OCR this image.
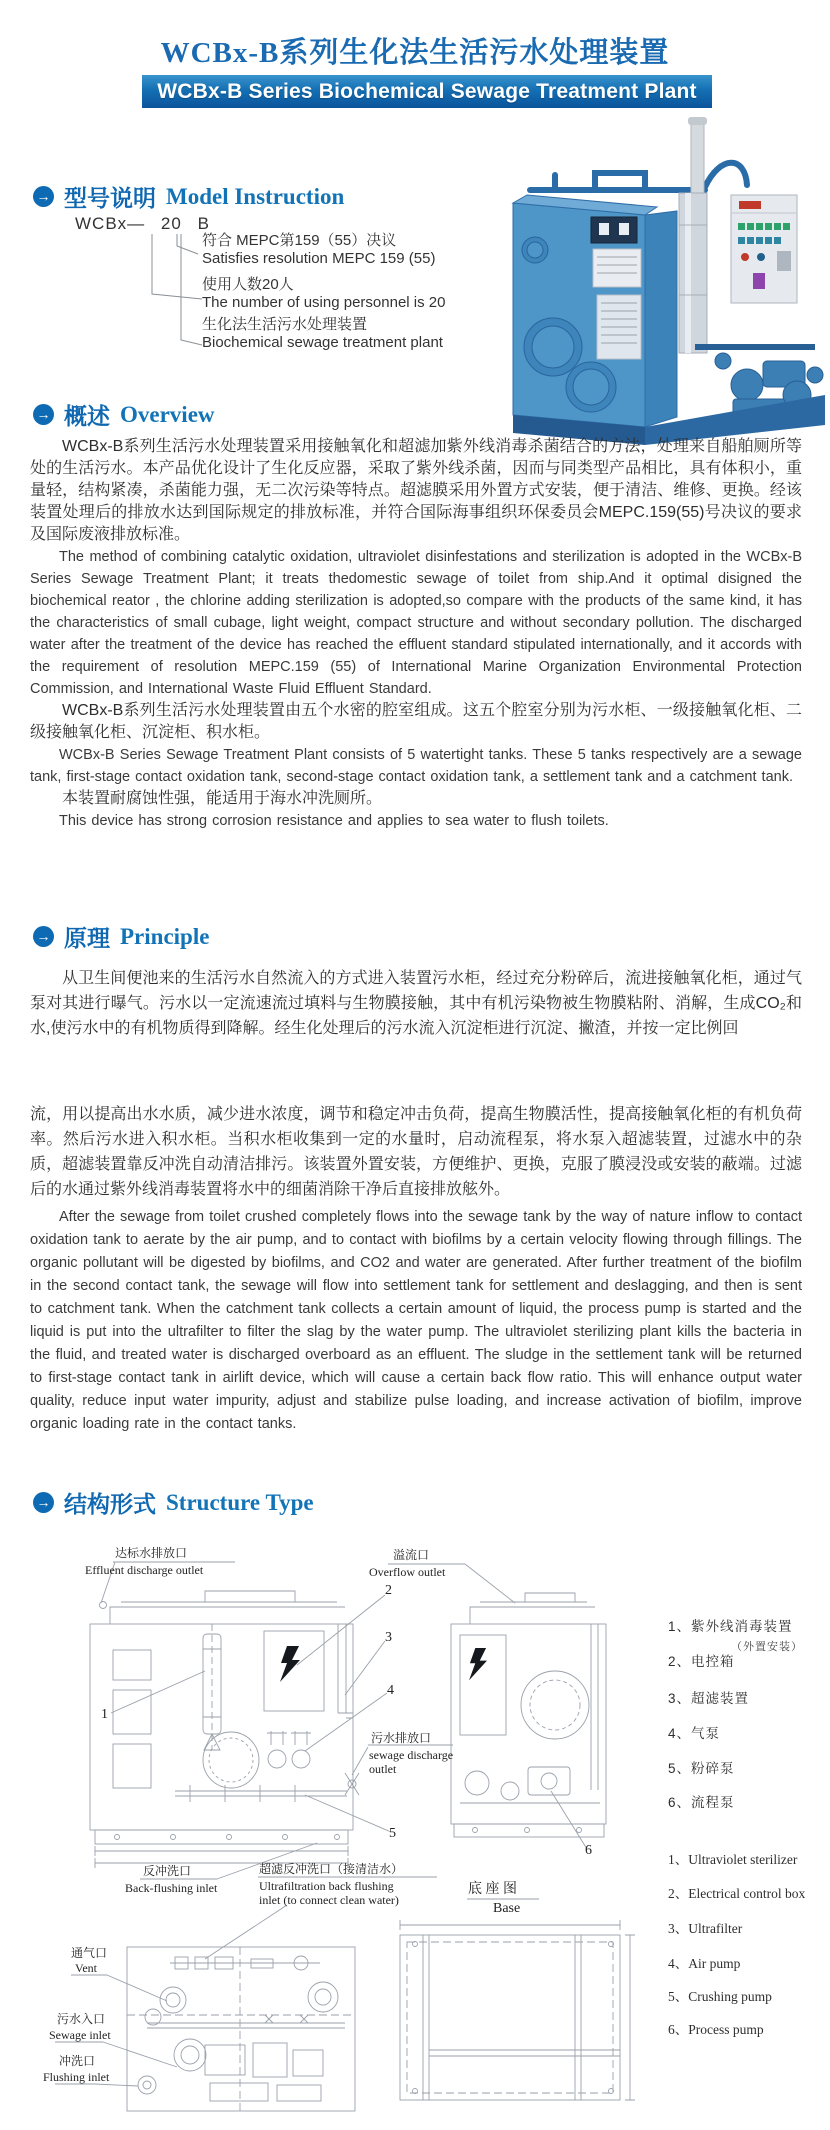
WCBx-B系列生化法生活污水处理装置
WCBx-B Series Biochemical Sewage Treatment Plant
→ 型号说明 Model Instruction
WCBx— 20 B
符合 MEPC第159（55）决议
Satisfies resolution MEPC 159 (55)
使用人数20人
The number of using personnel is 20
生化法生活污水处理装置
Biochemical sewage treatment plant
→ 概述 Overview

WCBx-B系列生活污水处理装置采用接触氧化和超滤加紫外线消毒杀菌结合的方法，处理来自船舶厕所等处的生活污水。本产品优化设计了生化反应器，采取了紫外线杀菌，因而与同类型产品相比，具有体积小，重量轻，结构紧凑，杀菌能力强，无二次污染等特点。超滤膜采用外置方式安装，便于清洁、维修、更换。经该装置处理后的排放水达到国际规定的排放标准，并符合国际海事组织环保委员会MEPC.159(55)号决议的要求及国际废液排放标准。

The method of combining catalytic oxidation, ultraviolet disinfestations and sterilization is adopted in the WCBx-B Series Sewage Treatment Plant; it treats thedomestic sewage of toilet from ship.And it optimal disigned the biochemical reator , the chlorine adding sterilization is adopted,so compare with the products of the same kind, it has the characteristics of small cubage, light weight, compact structure and without secondary pollution. The discharged water after the treatment of the device has reached the effluent standard stipulated internationally, and it accords with the requirement of resolution MEPC.159 (55) of International Marine Organization Environmental Protection Commission, and International Waste Fluid Effluent Standard.

WCBx-B系列生活污水处理装置由五个水密的腔室组成。这五个腔室分别为污水柜、一级接触氧化柜、二级接触氧化柜、沉淀柜、积水柜。

WCBx-B Series Sewage Treatment Plant consists of 5 watertight tanks. These 5 tanks respectively are a sewage tank, first-stage contact oxidation tank, second-stage contact oxidation tank, a settlement tank and a catchment tank.

本装置耐腐蚀性强，能适用于海水冲洗厕所。

This device has strong corrosion resistance and applies to sea water to flush toilets.

→ 原理 Principle

从卫生间便池来的生活污水自然流入的方式进入装置污水柜，经过充分粉碎后，流进接触氧化柜，通过气泵对其进行曝气。污水以一定流速流过填料与生物膜接触，其中有机污染物被生物膜粘附、消解，生成CO₂和水,使污水中的有机物质得到降解。经生化处理后的污水流入沉淀柜进行沉淀、撇渣，并按一定比例回

流，用以提高出水水质，减少进水浓度，调节和稳定冲击负荷，提高生物膜活性，提高接触氧化柜的有机负荷率。然后污水进入积水柜。当积水柜收集到一定的水量时，启动流程泵，将水泵入超滤装置，过滤水中的杂质，超滤装置靠反冲洗自动清洁排污。该装置外置安装，方便维护、更换，克服了膜浸没或安装的蔽端。过滤后的水通过紫外线消毒装置将水中的细菌消除干净后直接排放舷外。

After the sewage from toilet crushed completely flows into the sewage tank by the way of nature inflow to contact oxidation tank to aerate by the air pump, and to contact with biofilms by a certain velocity flowing through fillings. The organic pollutant will be digested by biofilms, and CO2 and water are generated. After further treatment of the biofilm in the second contact tank, the sewage will flow into settlement tank for settlement and deslagging, and then is sent to catchment tank. When the catchment tank collects a certain amount of liquid, the process pump is started and the liquid is put into the ultrafilter to filter the slag by the water pump. The ultraviolet sterilizing plant kills the bacteria in the fluid, and treated water is discharged overboard as an effluent. The sludge in the settlement tank will be returned to first-stage contact tank in airlift device, which will cause a certain back flow ratio. This will enhance output water quality, reduce input water impurity, adjust and stabilize pulse loading, and increase activation of biofilm, improve organic loading rate in the contact tanks.

→ 结构形式 Structure Type
达标水排放口
Effluent discharge outlet
溢流口
Overflow outlet
污水排放口
sewage discharge
outlet
反冲洗口
Back-flushing inlet
超滤反冲洗口（接清洁水）
Ultrafiltration back flushing
inlet (to connect clean water)
底 座 图
Base
通气口
Vent
污水入口
Sewage inlet
冲洗口
Flushing inlet
1
2
3
4
5
6
1、紫外线消毒装置
2、电控箱
3、超滤装置
4、气泵
5、粉碎泵
6、流程泵
（外置安装）
1、Ultraviolet sterilizer
2、Electrical control box
3、Ultrafilter
4、Air pump
5、Crushing pump
6、Process pump
